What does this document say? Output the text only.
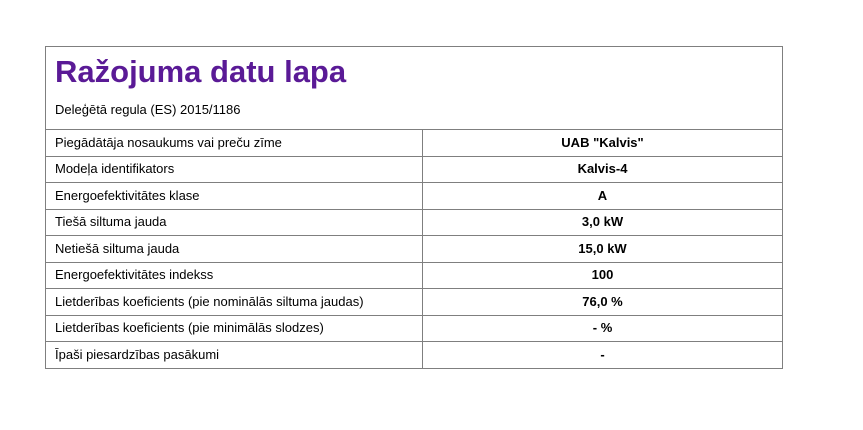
Ražojuma datu lapa
Deleģētā regula (ES) 2015/1186
Piegādātāja nosaukums vai preču zīme	UAB "Kalvis"
Modeļa identifikators	Kalvis-4
Energoefektivitātes klase	A
Tiešā siltuma jauda	3,0 kW
Netiešā siltuma jauda	15,0 kW
Energoefektivitātes indekss	100
Lietderības koeficients (pie nominālās siltuma jaudas)	76,0 %
Lietderības koeficients (pie minimālās slodzes)	- %
Īpaši piesardzības pasākumi	-
